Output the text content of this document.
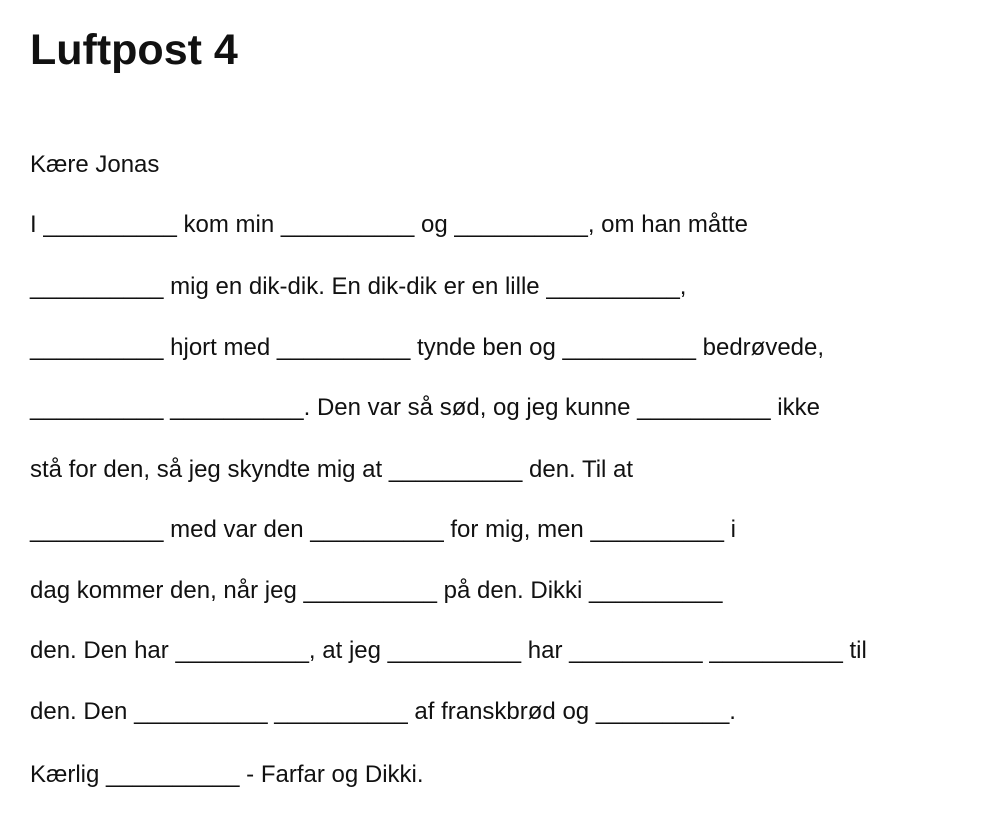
Luftpost 4
Kære Jonas
I __________ kom min __________ og __________, om han måtte
__________ mig en dik-dik. En dik-dik er en lille __________,
__________ hjort med __________ tynde ben og __________ bedrøvede,
__________ __________. Den var så sød, og jeg kunne __________ ikke
stå for den, så jeg skyndte mig at __________ den. Til at
__________ med var den __________ for mig, men __________ i
dag kommer den, når jeg __________ på den. Dikki __________
den. Den har __________, at jeg __________ har __________ __________ til
den. Den __________ __________ af franskbrød og __________.
Kærlig __________ - Farfar og Dikki.
